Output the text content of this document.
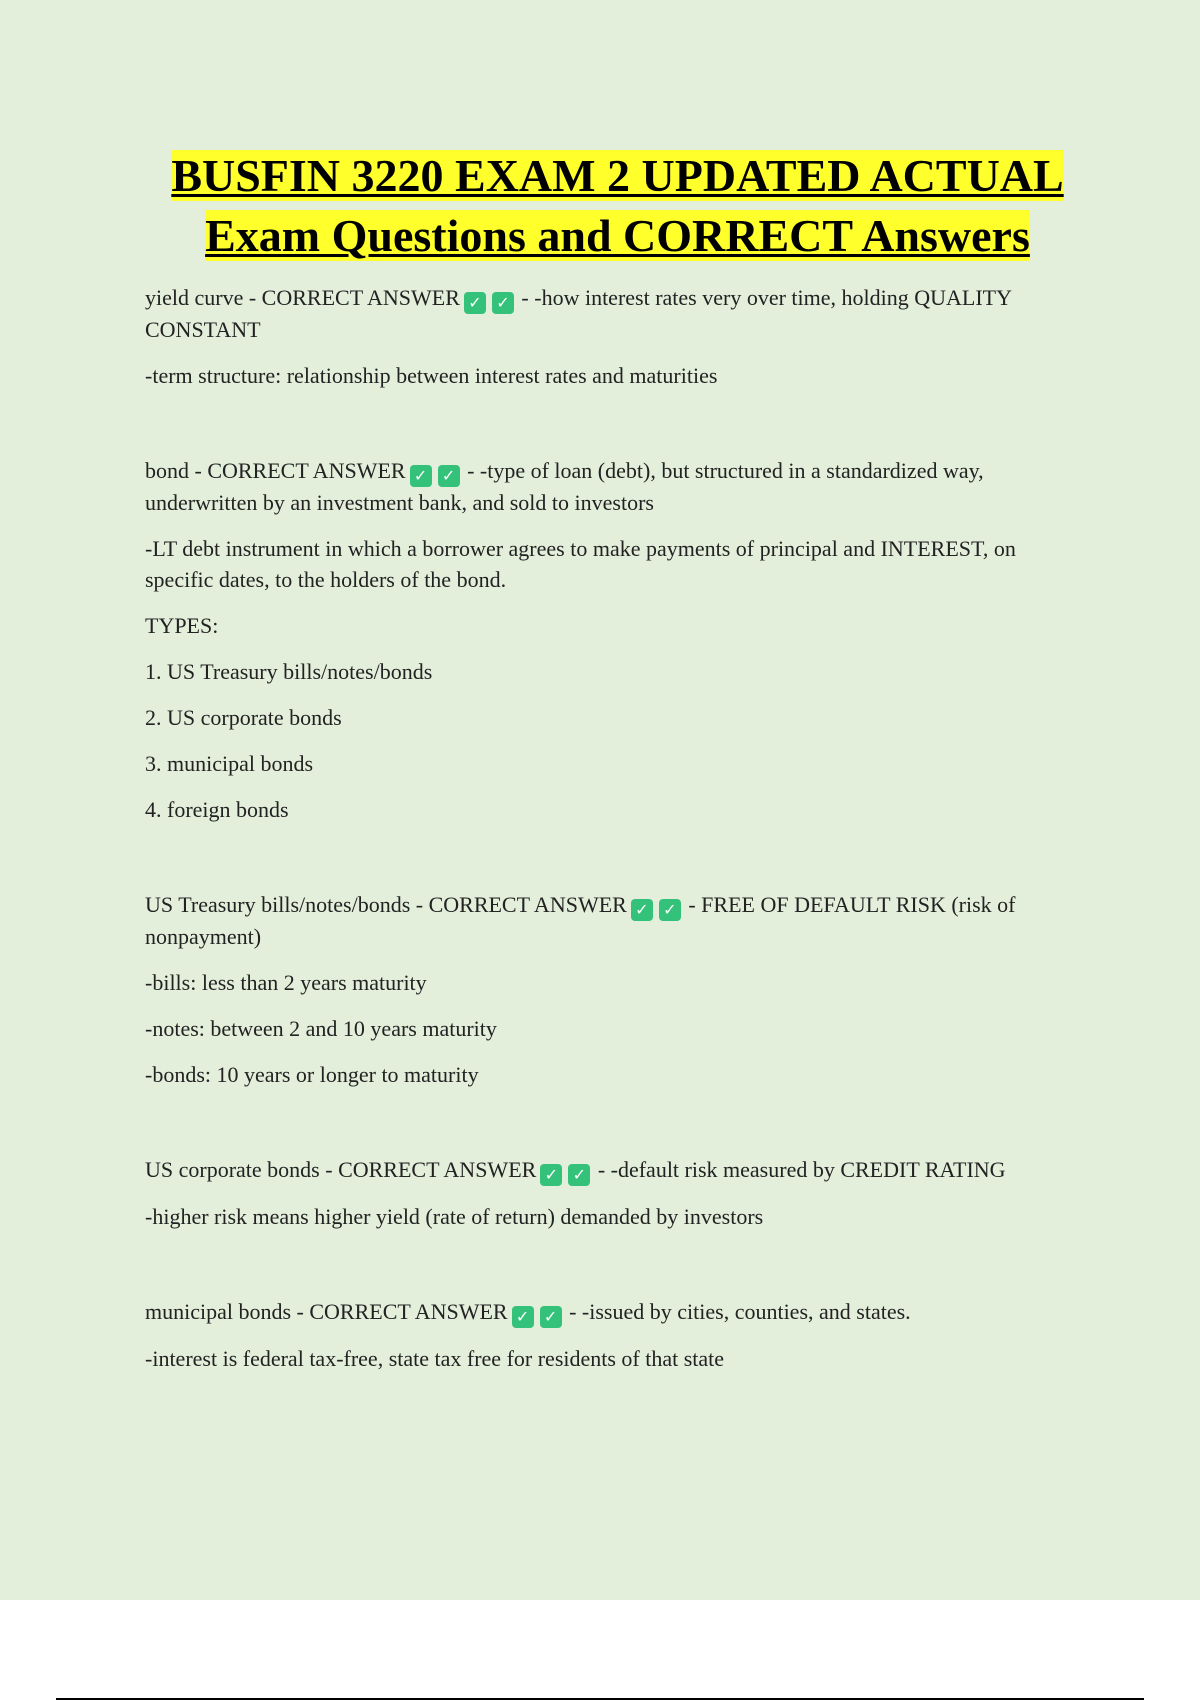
BUSFIN 3220 EXAM 2 UPDATED ACTUAL
Exam Questions and CORRECT Answers

yield curve - CORRECT ANSWER ✓ ✓ - -how interest rates very over time, holding QUALITY CONSTANT

-term structure: relationship between interest rates and maturities

bond - CORRECT ANSWER ✓ ✓ - -type of loan (debt), but structured in a standardized way, underwritten by an investment bank, and sold to investors

-LT debt instrument in which a borrower agrees to make payments of principal and INTEREST, on specific dates, to the holders of the bond.

TYPES:

1. US Treasury bills/notes/bonds

2. US corporate bonds

3. municipal bonds

4. foreign bonds

US Treasury bills/notes/bonds - CORRECT ANSWER ✓ ✓ - FREE OF DEFAULT RISK (risk of nonpayment)

-bills: less than 2 years maturity

-notes: between 2 and 10 years maturity

-bonds: 10 years or longer to maturity

US corporate bonds - CORRECT ANSWER ✓ ✓ - -default risk measured by CREDIT RATING

-higher risk means higher yield (rate of return) demanded by investors

municipal bonds - CORRECT ANSWER ✓ ✓ - -issued by cities, counties, and states.

-interest is federal tax-free, state tax free for residents of that state
